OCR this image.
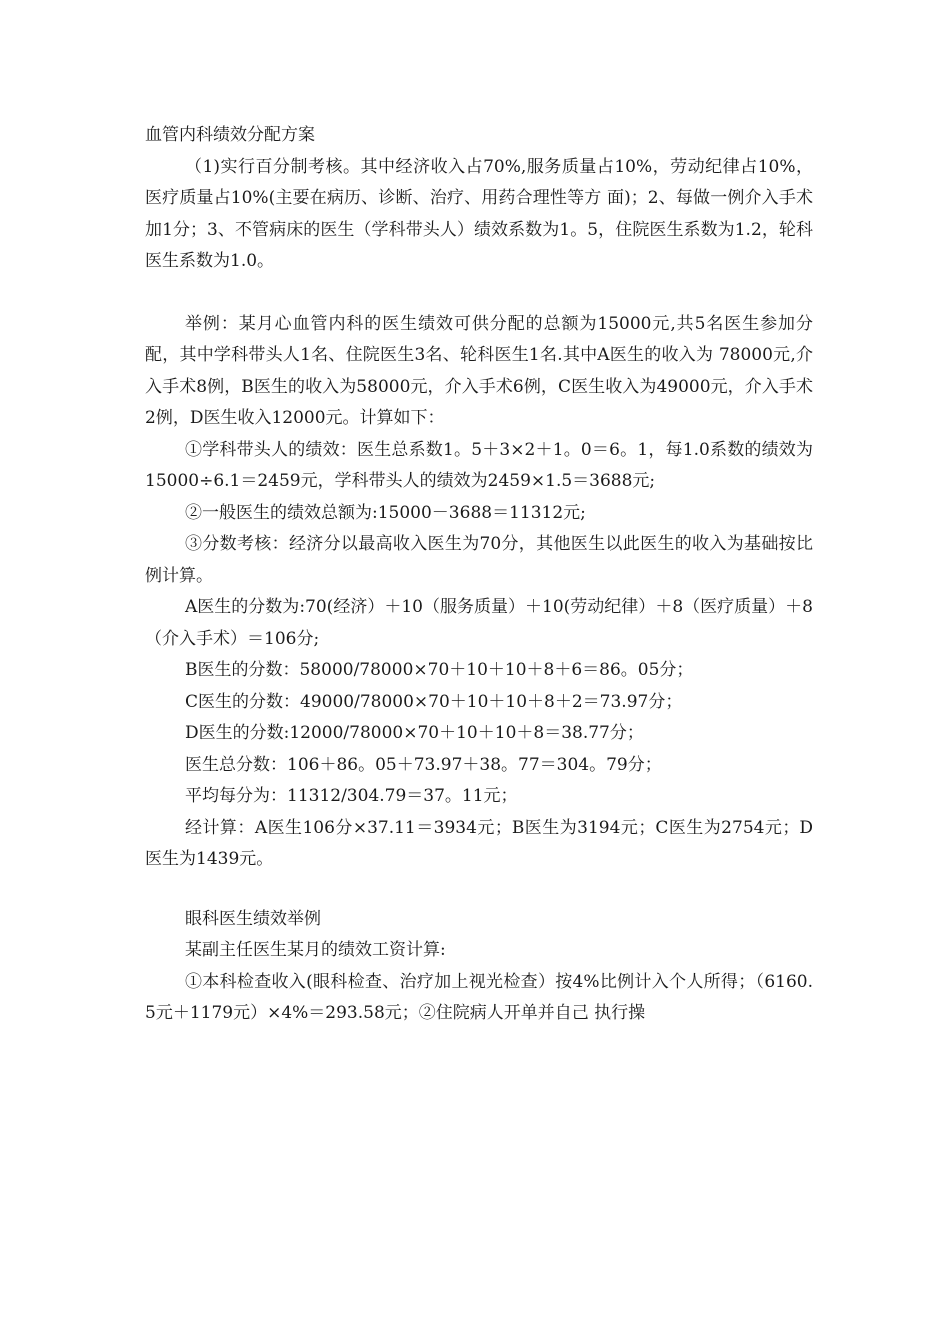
血管内科绩效分配方案

（1)实行百分制考核。其中经济收入占70%,服务质量占10%，劳动纪律占10%，医疗质量占10%(主要在病历、诊断、治疗、用药合理性等方 面)；2、每做一例介入手术加1分；3、不管病床的医生（学科带头人）绩效系数为1。5，住院医生系数为1.2，轮科医生系数为1.0。

举例：某月心血管内科的医生绩效可供分配的总额为15000元,共5名医生参加分配，其中学科带头人1名、住院医生3名、轮科医生1名.其中A医生的收入为 78000元,介入手术8例，B医生的收入为58000元，介入手术6例，C医生收入为49000元，介入手术2例，D医生收入12000元。计算如下：

①学科带头人的绩效：医生总系数1。5＋3×2＋1。0＝6。1，每1.0系数的绩效为15000÷6.1＝2459元，学科带头人的绩效为2459×1.5＝3688元;

②一般医生的绩效总额为:15000－3688＝11312元;

③分数考核：经济分以最高收入医生为70分，其他医生以此医生的收入为基础按比例计算。

A医生的分数为:70(经济）＋10（服务质量）＋10(劳动纪律）＋8（医疗质量）＋8（介入手术）＝106分;

B医生的分数：58000/78000×70＋10＋10＋8＋6＝86。05分；

C医生的分数：49000/78000×70＋10＋10＋8＋2＝73.97分；

D医生的分数:12000/78000×70＋10＋10＋8＝38.77分；

医生总分数：106＋86。05＋73.97＋38。77＝304。79分；

平均每分为：11312/304.79＝37。11元；

经计算：A医生106分×37.11＝3934元；B医生为3194元；C医生为2754元；D医生为1439元。

眼科医生绩效举例

某副主任医生某月的绩效工资计算:

①本科检查收入(眼科检查、治疗加上视光检查）按4%比例计入个人所得；（6160.5元＋1179元）×4%＝293.58元；②住院病人开单并自己 执行操
